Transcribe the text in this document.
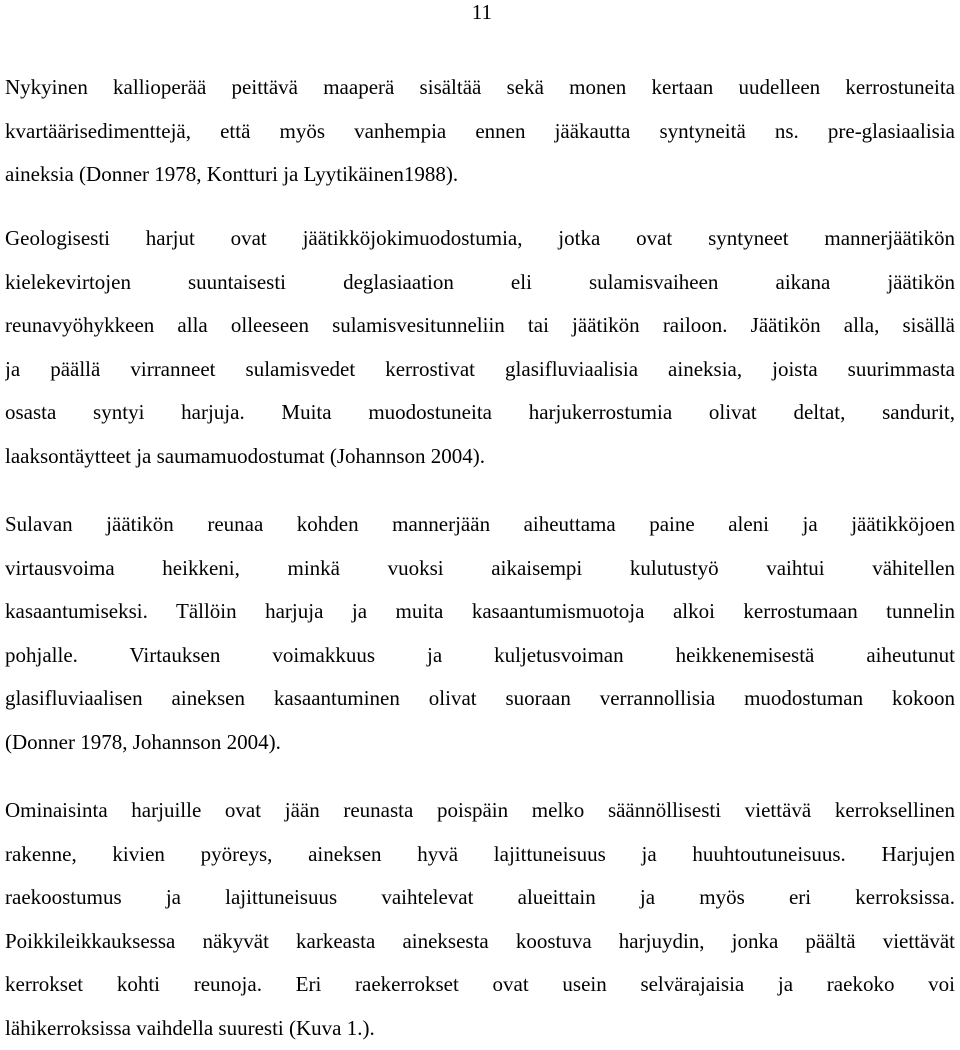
11
Nykyinen kallioperää peittävä maaperä sisältää sekä monen kertaan uudelleen kerrostuneita
kvartäärisedimenttejä, että myös vanhempia ennen jääkautta syntyneitä ns. pre-glasiaalisia
aineksia (Donner 1978, Kontturi ja Lyytikäinen1988).
Geologisesti harjut ovat jäätikköjokimuodostumia, jotka ovat syntyneet mannerjäätikön
kielekevirtojen suuntaisesti deglasiaation eli sulamisvaiheen aikana jäätikön
reunavyöhykkeen alla olleeseen sulamisvesitunneliin tai jäätikön railoon. Jäätikön alla, sisällä
ja päällä virranneet sulamisvedet kerrostivat glasifluviaalisia aineksia, joista suurimmasta
osasta syntyi harjuja. Muita muodostuneita harjukerrostumia olivat deltat, sandurit,
laaksontäytteet ja saumamuodostumat (Johannson 2004).
Sulavan jäätikön reunaa kohden mannerjään aiheuttama paine aleni ja jäätikköjoen
virtausvoima heikkeni, minkä vuoksi aikaisempi kulutustyö vaihtui vähitellen
kasaantumiseksi. Tällöin harjuja ja muita kasaantumismuotoja alkoi kerrostumaan tunnelin
pohjalle. Virtauksen voimakkuus ja kuljetusvoiman heikkenemisestä aiheutunut
glasifluviaalisen aineksen kasaantuminen olivat suoraan verrannollisia muodostuman kokoon
(Donner 1978, Johannson 2004).
Ominaisinta harjuille ovat jään reunasta poispäin melko säännöllisesti viettävä kerroksellinen
rakenne, kivien pyöreys, aineksen hyvä lajittuneisuus ja huuhtoutuneisuus. Harjujen
raekoostumus ja lajittuneisuus vaihtelevat alueittain ja myös eri kerroksissa.
Poikkileikkauksessa näkyvät karkeasta aineksesta koostuva harjuydin, jonka päältä viettävät
kerrokset kohti reunoja. Eri raekerrokset ovat usein selvärajaisia ja raekoko voi
lähikerroksissa vaihdella suuresti (Kuva 1.).
